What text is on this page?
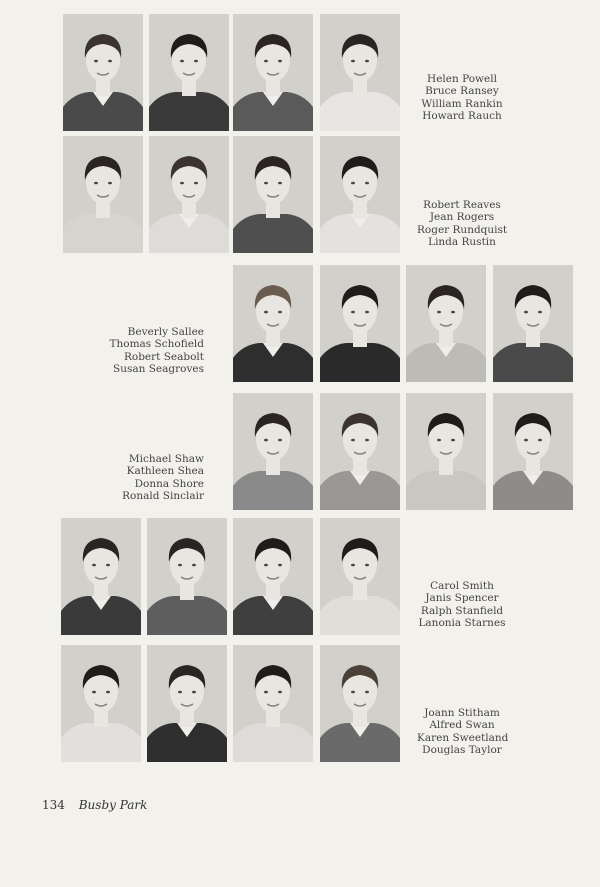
Helen Powell
Bruce Ransey
William Rankin
Howard Rauch
Robert Reaves
Jean Rogers
Roger Rundquist
Linda Rustin
Beverly Sallee
Thomas Schofield
Robert Seabolt
Susan Seagroves
Michael Shaw
Kathleen Shea
Donna Shore
Ronald Sinclair
Carol Smith
Janis Spencer
Ralph Stanfield
Lanonia Starnes
Joann Stitham
Alfred Swan
Karen Sweetland
Douglas Taylor
134 Busby Park
